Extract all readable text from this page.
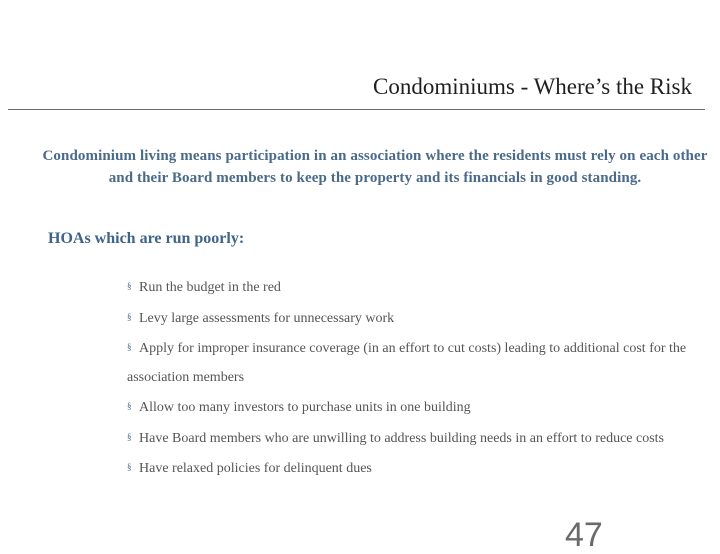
Condominiums - Where’s the Risk
Condominium living means participation in an association where the residents must rely on each other and their Board members to keep the property and its financials in good standing.
HOAs which are run poorly:
§ Run the budget in the red
§ Levy large assessments for unnecessary work
§ Apply for improper insurance coverage (in an effort to cut costs) leading to additional cost for the association members
§ Allow too many investors to purchase units in one building
§ Have Board members who are unwilling to address building needs in an effort to reduce costs
§ Have relaxed policies for delinquent dues
47
